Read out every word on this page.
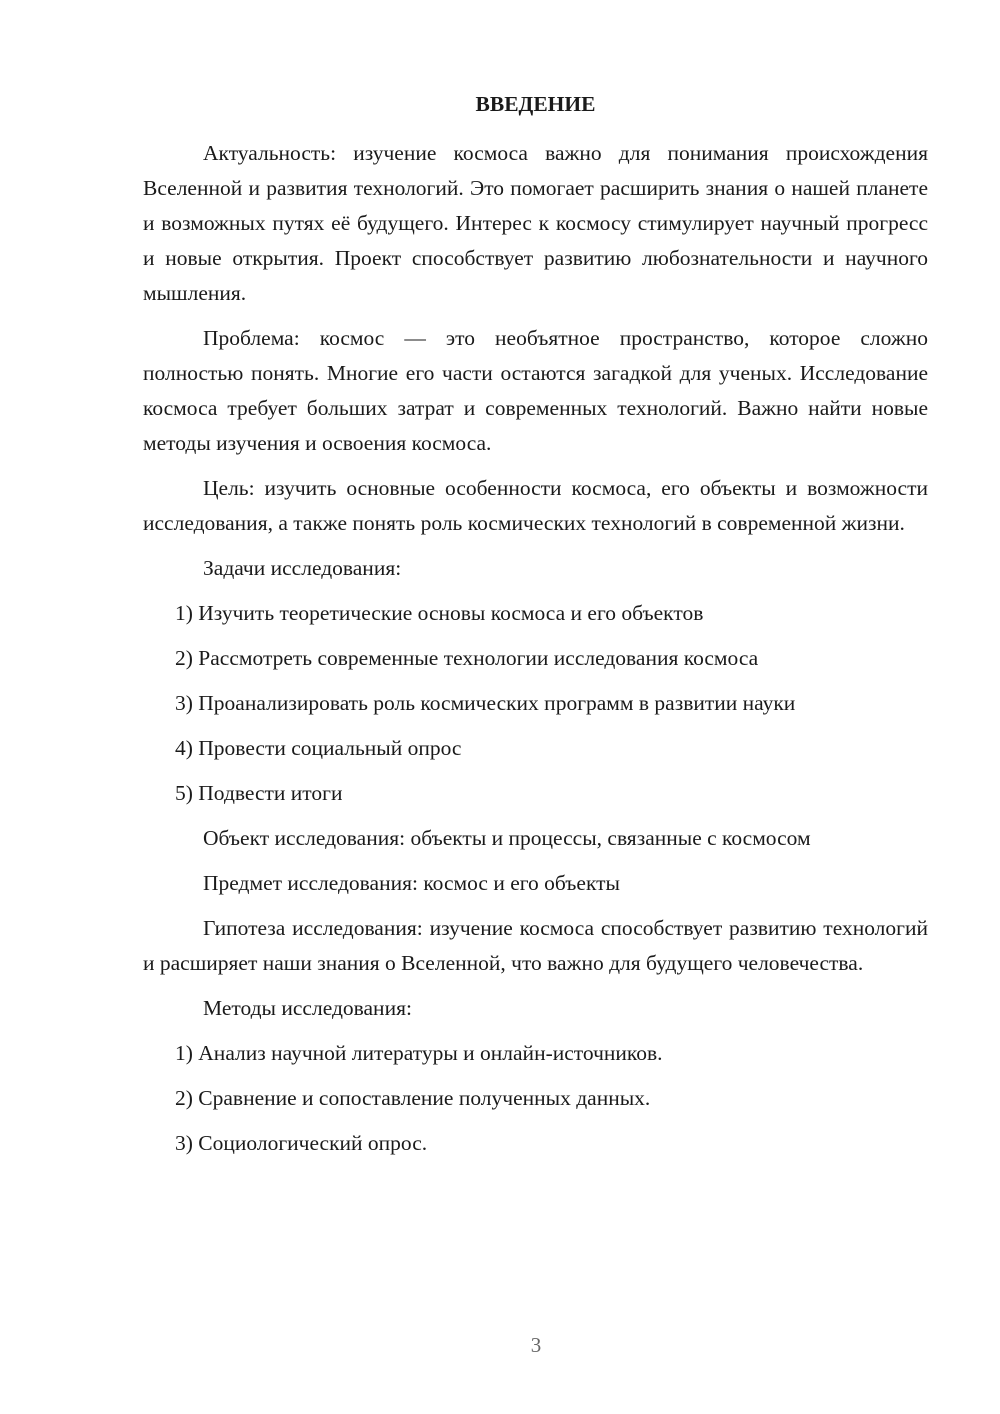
ВВЕДЕНИЕ

Актуальность: изучение космоса важно для понимания происхождения Вселенной и развития технологий. Это помогает расширить знания о нашей планете и возможных путях её будущего. Интерес к космосу стимулирует научный прогресс и новые открытия. Проект способствует развитию любознательности и научного мышления.

Проблема: космос — это необъятное пространство, которое сложно полностью понять. Многие его части остаются загадкой для ученых. Исследование космоса требует больших затрат и современных технологий. Важно найти новые методы изучения и освоения космоса.

Цель: изучить основные особенности космоса, его объекты и возможности исследования, а также понять роль космических технологий в современной жизни.

Задачи исследования:

1) Изучить теоретические основы космоса и его объектов
2) Рассмотреть современные технологии исследования космоса
3) Проанализировать роль космических программ в развитии науки
4) Провести социальный опрос
5) Подвести итоги

Объект исследования: объекты и процессы, связанные с космосом

Предмет исследования: космос и его объекты

Гипотеза исследования: изучение космоса способствует развитию технологий и расширяет наши знания о Вселенной, что важно для будущего человечества.

Методы исследования:

1) Анализ научной литературы и онлайн-источников.
2) Сравнение и сопоставление полученных данных.
3) Социологический опрос.
3
